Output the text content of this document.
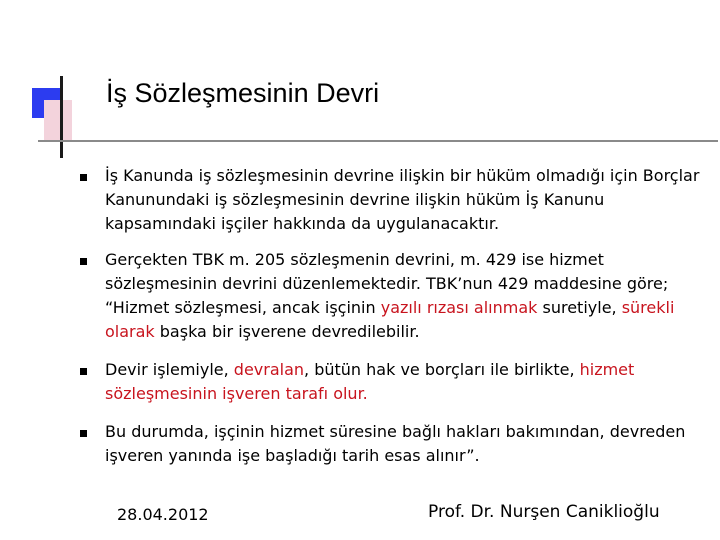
İş Sözleşmesinin Devri
İş Kanunda iş sözleşmesinin devrine ilişkin bir hüküm olmadığı için Borçlar Kanunundaki iş sözleşmesinin devrine ilişkin hüküm İş Kanunu kapsamındaki işçiler hakkında da uygulanacaktır.
Gerçekten TBK m. 205 sözleşmenin devrini, m. 429 ise hizmet sözleşmesinin devrini düzenlemektedir. TBK’nun 429 maddesine göre; “Hizmet sözleşmesi, ancak işçinin yazılı rızası alınmak suretiyle, sürekli olarak başka bir işverene devredilebilir.
Devir işlemiyle, devralan, bütün hak ve borçları ile birlikte, hizmet sözleşmesinin işveren tarafı olur.
Bu durumda, işçinin hizmet süresine bağlı hakları bakımından, devreden işveren yanında işe başladığı tarih esas alınır”.
28.04.2012	Prof. Dr. Nurşen Caniklioğlu
